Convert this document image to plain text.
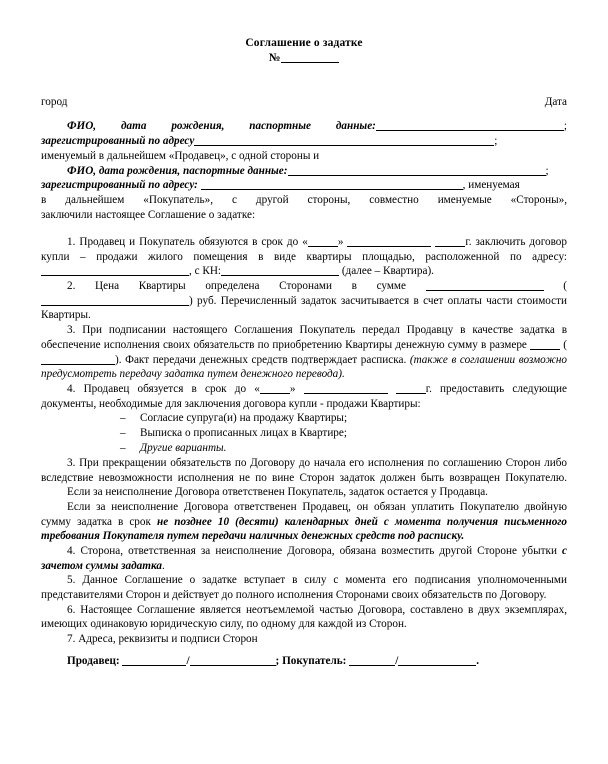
Соглашение о задатке
№
город	Дата
ФИО, дата рождения, паспортные данные:	;
зарегистрированный по адресу	;
именуемый в дальнейшем «Продавец», с одной стороны и
ФИО, дата рождения, паспортные данные:	;
зарегистрированный по адресу:	, именуемая
в дальнейшем «Покупатель», с другой стороны, совместно именуемые «Стороны»,
заключили настоящее Соглашение о задатке:
1. Продавец и Покупатель обязуются в срок до «	»	г. заключить договор купли – продажи жилого помещения в виде квартиры площадью, расположенной по адресу:, с КН:	(далее – Квартира).
2. Цена Квартиры определена Сторонами в сумме	() руб. Перечисленный задаток засчитывается в счет оплаты части стоимости Квартиры.
3. При подписании настоящего Соглашения Покупатель передал Продавцу в качестве задатка в обеспечение исполнения своих обязательств по приобретению Квартиры денежную сумму в размере	(). Факт передачи денежных средств подтверждает расписка. (также в соглашении возможно предусмотреть передачу задатка путем денежного перевода).
4. Продавец обязуется в срок до «	»	г. предоставить следующие документы, необходимые для заключения договора купли - продажи Квартиры:
– Согласие супруга(и) на продажу Квартиры;
– Выписка о прописанных лицах в Квартире;
– Другие варианты.
3. При прекращении обязательств по Договору до начала его исполнения по соглашению Сторон либо вследствие невозможности исполнения не по вине Сторон задаток должен быть возвращен Покупателю.
Если за неисполнение Договора ответственен Покупатель, задаток остается у Продавца.
Если за неисполнение Договора ответственен Продавец, он обязан уплатить Покупателю двойную сумму задатка в срок не позднее 10 (десяти) календарных дней с момента получения письменного требования Покупателя путем передачи наличных денежных средств под расписку.
4. Сторона, ответственная за неисполнение Договора, обязана возместить другой Стороне убытки с зачетом суммы задатка.
5. Данное Соглашение о задатке вступает в силу с момента его подписания уполномоченными представителями Сторон и действует до полного исполнения Сторонами своих обязательств по Договору.
6. Настоящее Соглашение является неотъемлемой частью Договора, составлено в двух экземплярах, имеющих одинаковую юридическую силу, по одному для каждой из Сторон.
7. Адреса, реквизиты и подписи Сторон
Продавец:	/	; Покупатель:	/	.
